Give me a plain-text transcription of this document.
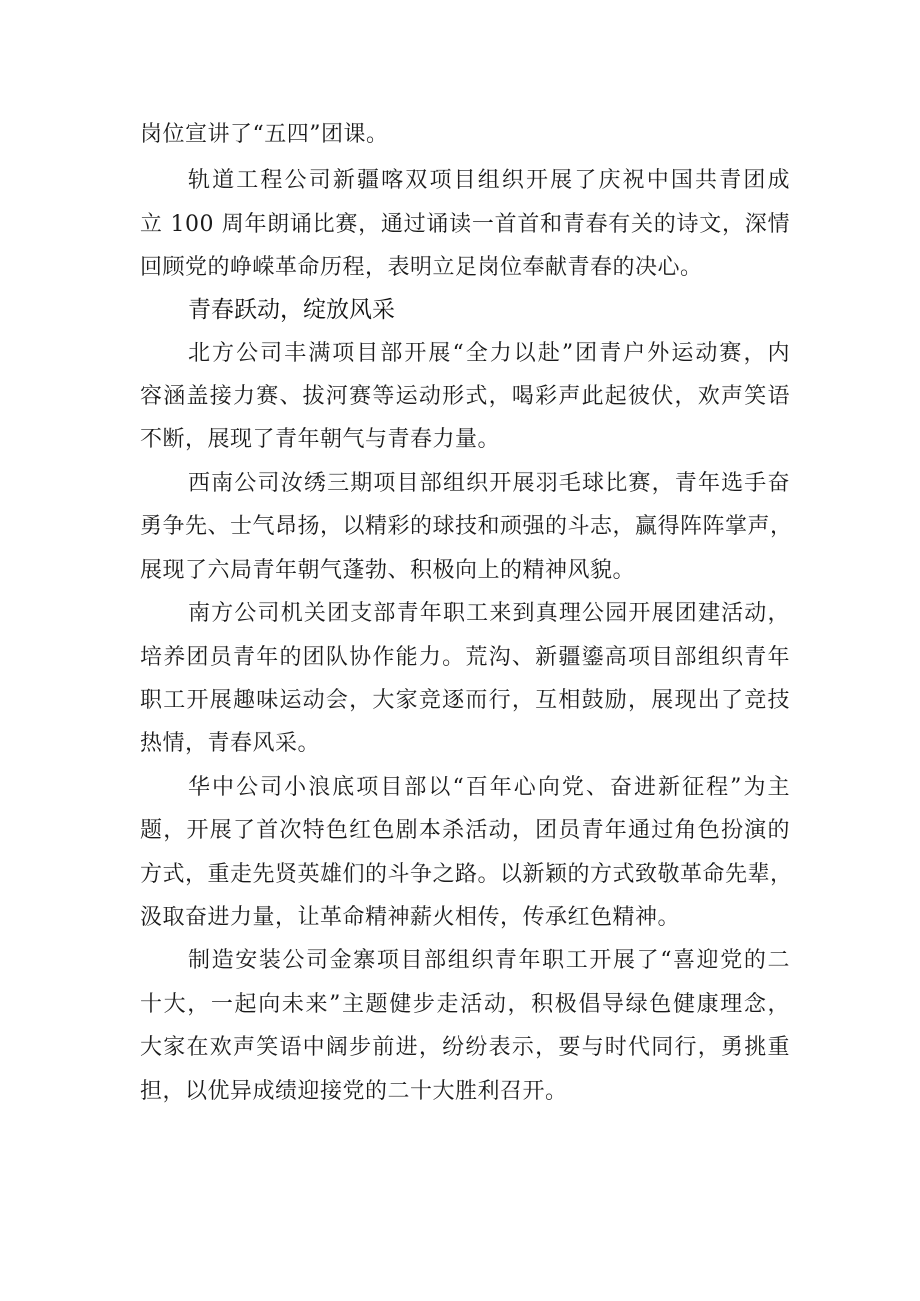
岗位宣讲了“五四”团课。
轨道工程公司新疆喀双项目组织开展了庆祝中国共青团成
立 100 周年朗诵比赛，通过诵读一首首和青春有关的诗文，深情
回顾党的峥嵘革命历程，表明立足岗位奉献青春的决心。
青春跃动，绽放风采
北方公司丰满项目部开展“全力以赴”团青户外运动赛，内
容涵盖接力赛、拔河赛等运动形式，喝彩声此起彼伏，欢声笑语
不断，展现了青年朝气与青春力量。
西南公司汝绣三期项目部组织开展羽毛球比赛，青年选手奋
勇争先、士气昂扬，以精彩的球技和顽强的斗志，赢得阵阵掌声，
展现了六局青年朝气蓬勃、积极向上的精神风貌。
南方公司机关团支部青年职工来到真理公园开展团建活动，
培养团员青年的团队协作能力。荒沟、新疆鎏高项目部组织青年
职工开展趣味运动会，大家竞逐而行，互相鼓励，展现出了竞技
热情，青春风采。
华中公司小浪底项目部以“百年心向党、奋进新征程”为主
题，开展了首次特色红色剧本杀活动，团员青年通过角色扮演的
方式，重走先贤英雄们的斗争之路。以新颖的方式致敬革命先辈，
汲取奋进力量，让革命精神薪火相传，传承红色精神。
制造安装公司金寨项目部组织青年职工开展了“喜迎党的二
十大，一起向未来”主题健步走活动，积极倡导绿色健康理念，
大家在欢声笑语中阔步前进，纷纷表示，要与时代同行，勇挑重
担，以优异成绩迎接党的二十大胜利召开。
